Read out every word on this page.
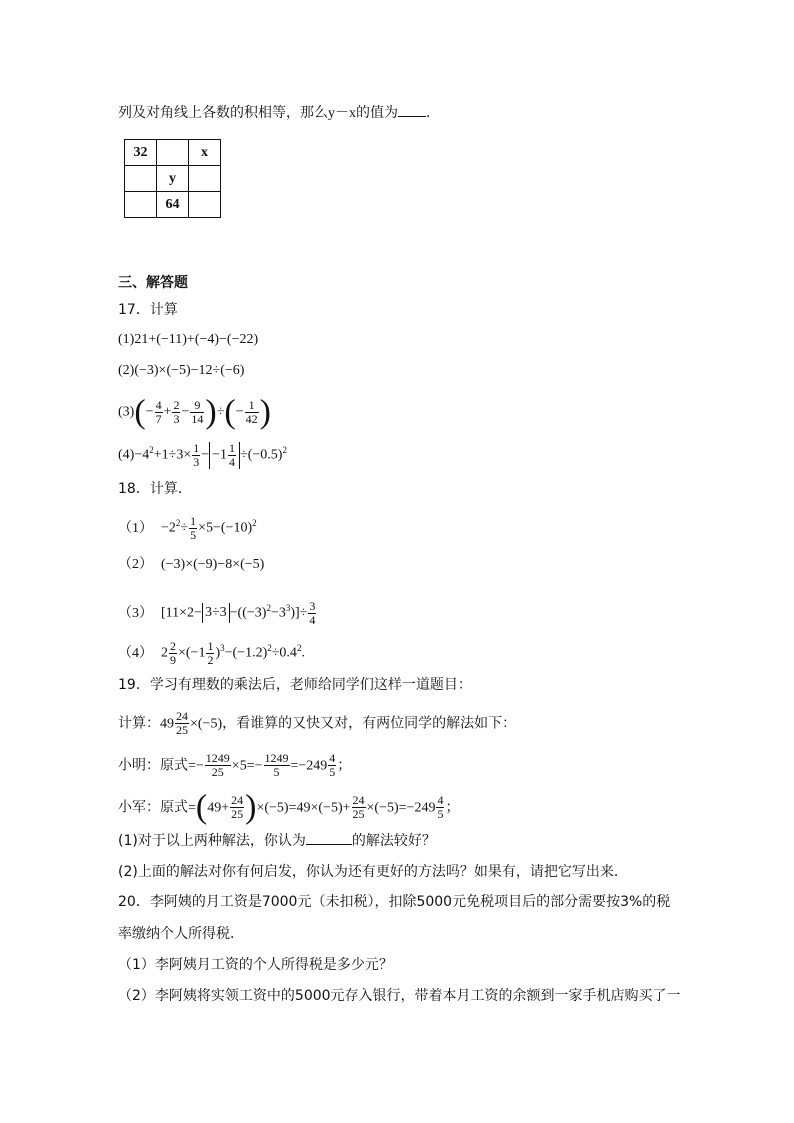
列及对角线上各数的积相等，那么y－x的值为 .
32		x
	y	
	64	
三、解答题
17．计算
(1)21+(−11)+(−4)−(−22)
(2)(−3)×(−5)−12÷(−6)
$(3)(- \frac{4}{7} + \frac{2}{3} - \frac{9}{14}$ )÷(− $\frac{1}{42}$ )
$(4)-4^2+1\div 3\times \frac{1}{3} - -1 \frac{1}{4} \div(-0.5)^2$
18．计算．
$(1) -2^2\div \frac{1}{5} \times 5-(-10)^2$
（2） (−3)×(−9)−8×(−5)
（3） $[11\times 2- 3\div 3 -((-3)^2-3^3)]\div \frac{3}{4}$
（4） $2 \frac{2}{9} \times(-1 \frac{1}{2} )^3-(-1.2)^2\div 0.4^2$.
19．学习有理数的乘法后，老师给同学们这样一道题目：
计算：$49 \frac{24}{25} \times(-5)$，看谁算的又快又对，有两位同学的解法如下：
小明：原式=− $\frac{1249}{25} \times 5=- \frac{1249}{5} =-249 \frac{4}{5}$ ；
小军：原式$=(49+ \frac{24}{25} )\times(-5)=49\times(-5)+ \frac{24}{25} \times(-5)=-249 \frac{4}{5}$ ；
(1)对于以上两种解法，你认为	的解法较好？
(2)上面的解法对你有何启发，你认为还有更好的方法吗？如果有，请把它写出来．
20．李阿姨的月工资是7000元（未扣税），扣除5000元免税项目后的部分需要按3%的税
率缴纳个人所得税．
（1）李阿姨月工资的个人所得税是多少元？
（2）李阿姨将实领工资中的5000元存入银行，带着本月工资的余额到一家手机店购买了一
